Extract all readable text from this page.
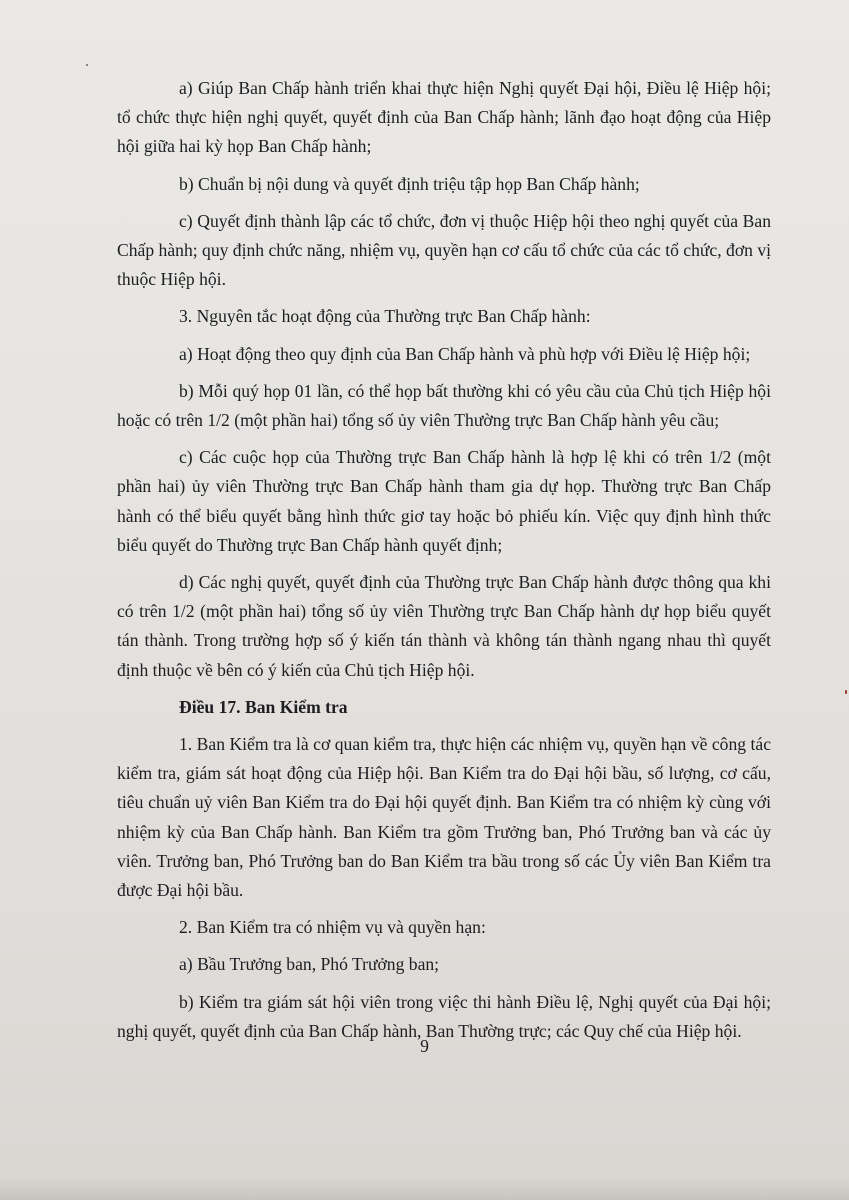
a) Giúp Ban Chấp hành triển khai thực hiện Nghị quyết Đại hội, Điều lệ Hiệp hội; tổ chức thực hiện nghị quyết, quyết định của Ban Chấp hành; lãnh đạo hoạt động của Hiệp hội giữa hai kỳ họp Ban Chấp hành;

b) Chuẩn bị nội dung và quyết định triệu tập họp Ban Chấp hành;

c) Quyết định thành lập các tổ chức, đơn vị thuộc Hiệp hội theo nghị quyết của Ban Chấp hành; quy định chức năng, nhiệm vụ, quyền hạn cơ cấu tổ chức của các tổ chức, đơn vị thuộc Hiệp hội.

3. Nguyên tắc hoạt động của Thường trực Ban Chấp hành:

a) Hoạt động theo quy định của Ban Chấp hành và phù hợp với Điều lệ Hiệp hội;

b) Mỗi quý họp 01 lần, có thể họp bất thường khi có yêu cầu của Chủ tịch Hiệp hội hoặc có trên 1/2 (một phần hai) tổng số ủy viên Thường trực Ban Chấp hành yêu cầu;

c) Các cuộc họp của Thường trực Ban Chấp hành là hợp lệ khi có trên 1/2 (một phần hai) ủy viên Thường trực Ban Chấp hành tham gia dự họp. Thường trực Ban Chấp hành có thể biểu quyết bằng hình thức giơ tay hoặc bỏ phiếu kín. Việc quy định hình thức biểu quyết do Thường trực Ban Chấp hành quyết định;

d) Các nghị quyết, quyết định của Thường trực Ban Chấp hành được thông qua khi có trên 1/2 (một phần hai) tổng số ủy viên Thường trực Ban Chấp hành dự họp biểu quyết tán thành. Trong trường hợp số ý kiến tán thành và không tán thành ngang nhau thì quyết định thuộc về bên có ý kiến của Chủ tịch Hiệp hội.

Điều 17. Ban Kiểm tra

1. Ban Kiểm tra là cơ quan kiểm tra, thực hiện các nhiệm vụ, quyền hạn về công tác kiểm tra, giám sát hoạt động của Hiệp hội. Ban Kiểm tra do Đại hội bầu, số lượng, cơ cấu, tiêu chuẩn uỷ viên Ban Kiểm tra do Đại hội quyết định. Ban Kiểm tra có nhiệm kỳ cùng với nhiệm kỳ của Ban Chấp hành. Ban Kiểm tra gồm Trưởng ban, Phó Trưởng ban và các ủy viên. Trưởng ban, Phó Trưởng ban do Ban Kiểm tra bầu trong số các Ủy viên Ban Kiểm tra được Đại hội bầu.

2. Ban Kiểm tra có nhiệm vụ và quyền hạn:

a) Bầu Trưởng ban, Phó Trưởng ban;

b) Kiểm tra giám sát hội viên trong việc thi hành Điều lệ, Nghị quyết của Đại hội; nghị quyết, quyết định của Ban Chấp hành, Ban Thường trực; các Quy chế của Hiệp hội.

9
